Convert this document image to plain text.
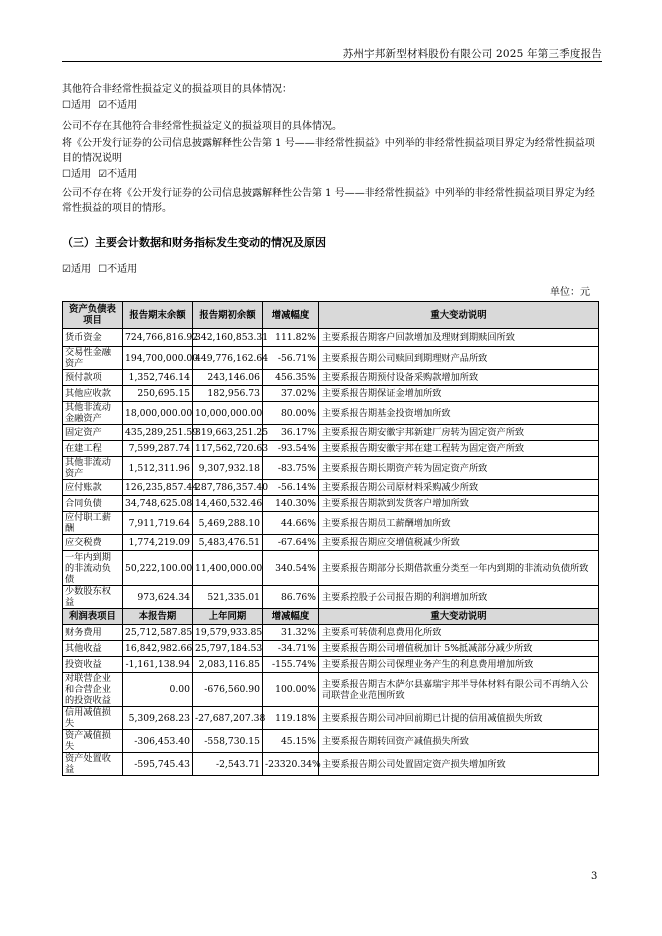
苏州宇邦新型材料股份有限公司 2025 年第三季度报告
其他符合非经常性损益定义的损益项目的具体情况：
☐适用 ☑不适用
公司不存在其他符合非经常性损益定义的损益项目的具体情况。
将《公开发行证券的公司信息披露解释性公告第 1 号——非经常性损益》中列举的非经常性损益项目界定为经常性损益项目的情况说明
☐适用 ☑不适用
公司不存在将《公开发行证券的公司信息披露解释性公告第 1 号——非经常性损益》中列举的非经常性损益项目界定为经常性损益的项目的情形。
（三）主要会计数据和财务指标发生变动的情况及原因
☑适用 ☐不适用
单位：元
资产负债表项目	报告期末余额	报告期初余额	增减幅度	重大变动说明
货币资金	724,766,816.92	342,160,853.31	111.82%	主要系报告期客户回款增加及理财到期赎回所致
交易性金融资产	194,700,000.00	449,776,162.64	-56.71%	主要系报告期公司赎回到期理财产品所致
预付款项	1,352,746.14	243,146.06	456.35%	主要系报告期预付设备采购款增加所致
其他应收款	250,695.15	182,956.73	37.02%	主要系报告期保证金增加所致
其他非流动金融资产	18,000,000.00	10,000,000.00	80.00%	主要系报告期基金投资增加所致
固定资产	435,289,251.59	319,663,251.25	36.17%	主要系报告期安徽宇邦新建厂房转为固定资产所致
在建工程	7,599,287.74	117,562,720.63	-93.54%	主要系报告期安徽宇邦在建工程转为固定资产所致
其他非流动资产	1,512,311.96	9,307,932.18	-83.75%	主要系报告期长期资产转为固定资产所致
应付账款	126,235,857.44	287,786,357.40	-56.14%	主要系报告期公司原材料采购减少所致
合同负债	34,748,625.08	14,460,532.46	140.30%	主要系报告期款到发货客户增加所致
应付职工薪酬	7,911,719.64	5,469,288.10	44.66%	主要系报告期员工薪酬增加所致
应交税费	1,774,219.09	5,483,476.51	-67.64%	主要系报告期应交增值税减少所致
一年内到期的非流动负债	50,222,100.00	11,400,000.00	340.54%	主要系报告期部分长期借款重分类至一年内到期的非流动负债所致
少数股东权益	973,624.34	521,335.01	86.76%	主要系控股子公司报告期的利润增加所致
利润表项目	本报告期	上年同期	增减幅度	重大变动说明
财务费用	25,712,587.85	19,579,933.85	31.32%	主要系可转债利息费用化所致
其他收益	16,842,982.66	25,797,184.53	-34.71%	主要系报告期公司增值税加计 5%抵减部分减少所致
投资收益	-1,161,138.94	2,083,116.85	-155.74%	主要系报告期公司保理业务产生的利息费用增加所致
对联营企业和合营企业的投资收益	0.00	-676,560.90	100.00%	主要系报告期吉木萨尔县嘉瑞宇邦半导体材料有限公司不再纳入公司联营企业范围所致
信用减值损失	5,309,268.23	-27,687,207.38	119.18%	主要系报告期公司冲回前期已计提的信用减值损失所致
资产减值损失	-306,453.40	-558,730.15	45.15%	主要系报告期转回资产减值损失所致
资产处置收益	-595,745.43	-2,543.71	-23320.34%	主要系报告期公司处置固定资产损失增加所致
3
